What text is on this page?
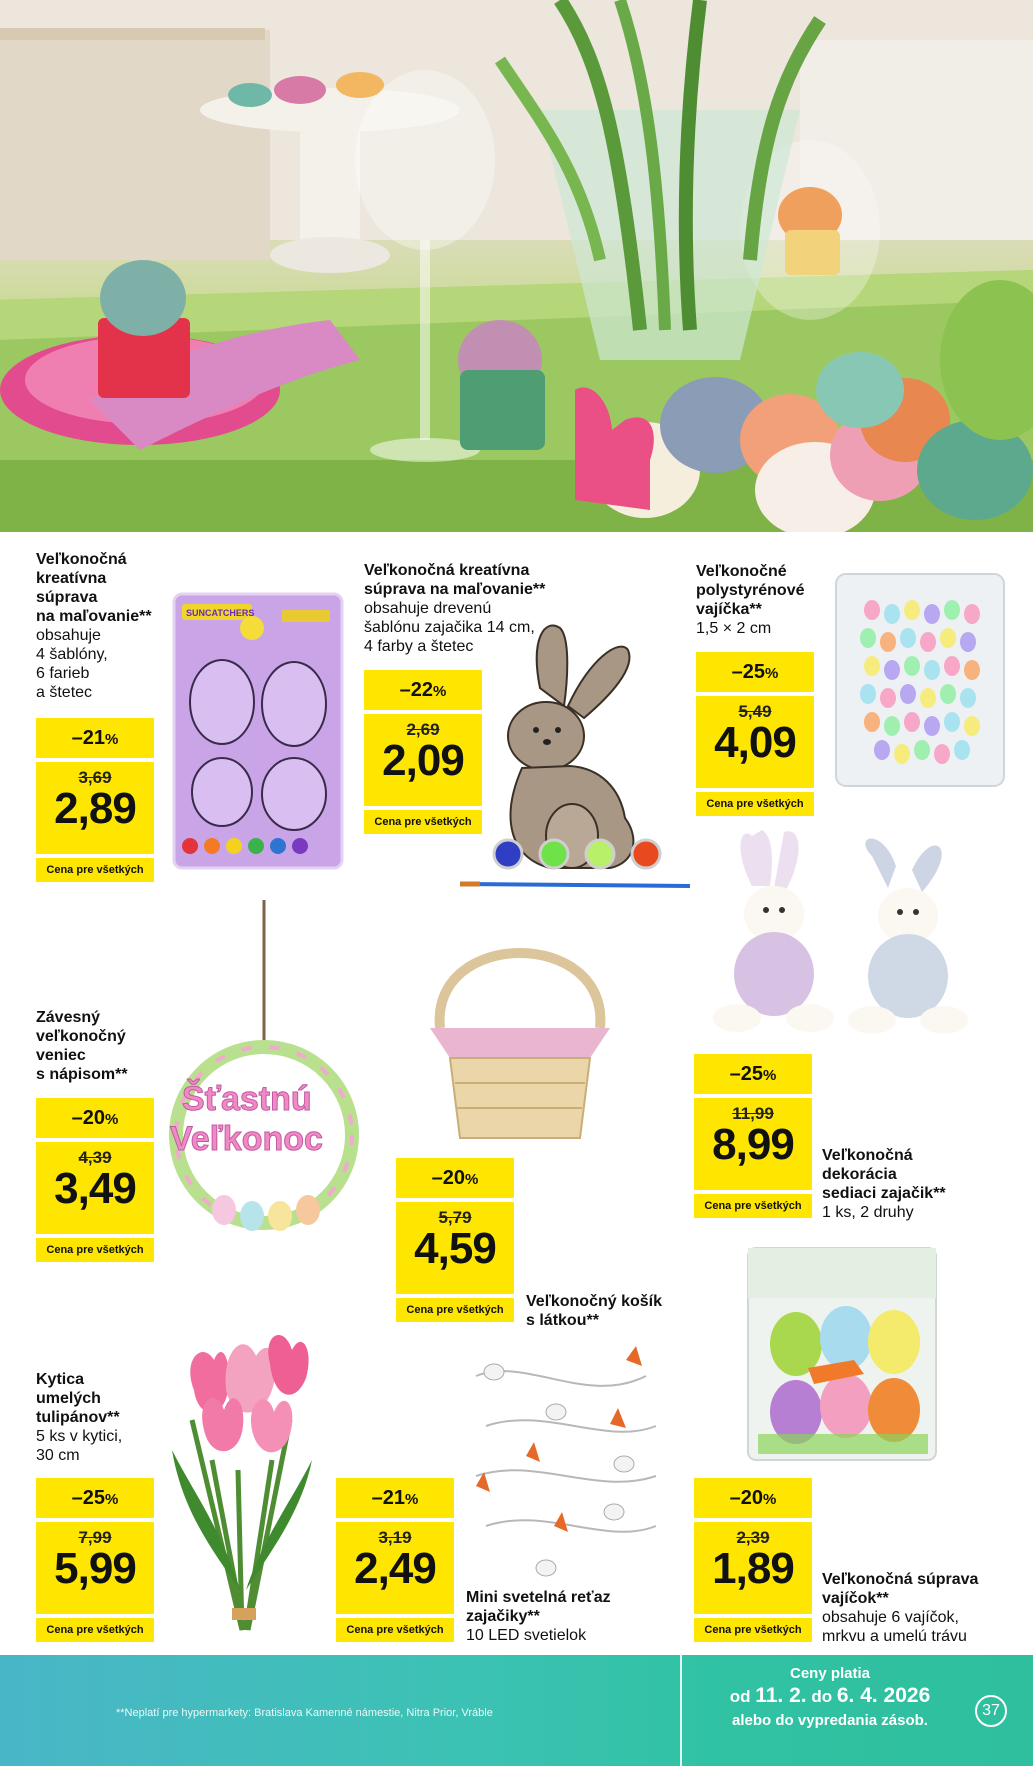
Veľkonočná
kreatívna
súprava
na maľovanie**
obsahuje
4 šablóny,
6 farieb
a štetec
–21%
3,69
2,89
Cena pre všetkých
SUNCATCHERS
Veľkonočná kreatívna
súprava na maľovanie**
obsahuje drevenú
šablónu zajačika 14 cm,
4 farby a štetec
–22%
2,69
2,09
Cena pre všetkých
Veľkonočné
polystyrénové
vajíčka**
1,5 × 2 cm
–25%
5,49
4,09
Cena pre všetkých
Závesný
veľkonočný
veniec
s nápisom**
–20%
4,39
3,49
Cena pre všetkých
Šťastnú
Veľkonoc
–20%
5,79
4,59
Cena pre všetkých	Veľkonočný košík
s látkou**
–25%
11,99
8,99
Cena pre všetkých
Veľkonočná
dekorácia
sediaci zajačik**
1 ks, 2 druhy
Kytica
umelých
tulipánov**
5 ks v kytici,
30 cm
–25%
7,99
5,99
Cena pre všetkých
–21%
3,19
2,49
Cena pre všetkých
Mini svetelná reťaz
zajačiky**
10 LED svetielok
–20%
2,39
1,89
Cena pre všetkých
Veľkonočná súprava
vajíčok**
obsahuje 6 vajíčok,
mrkvu a umelú trávu
**Neplatí pre hypermarkety: Bratislava Kamenné námestie, Nitra Prior, Vráble
Ceny platia
od 11. 2. do 6. 4. 2026
alebo do vypredania zásob.
37
